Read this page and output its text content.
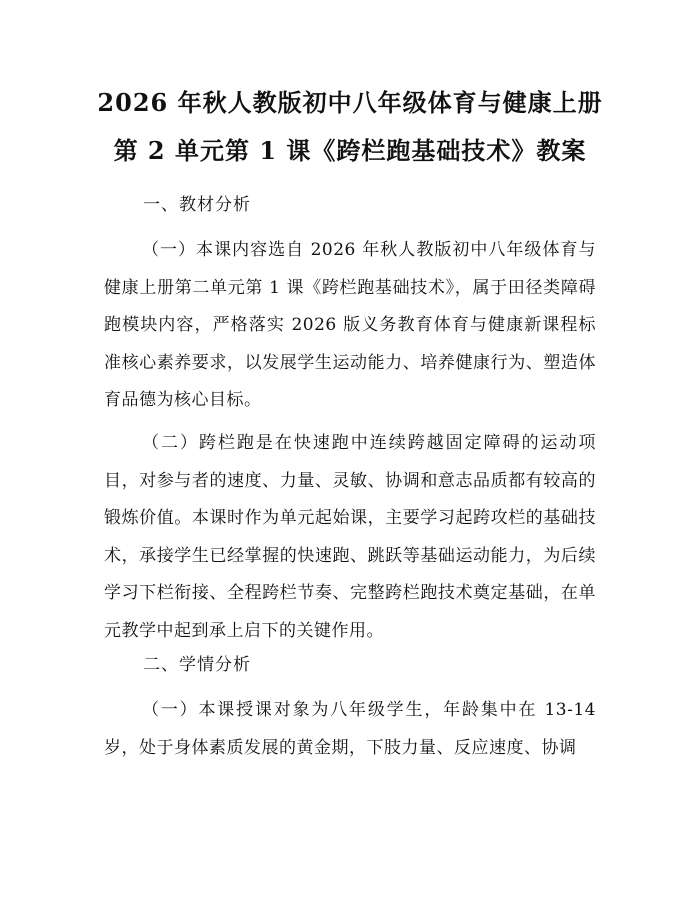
2026 年秋人教版初中八年级体育与健康上册
第 2 单元第 1 课《跨栏跑基础技术》教案
一、教材分析

（一）本课内容选自 2026 年秋人教版初中八年级体育与健康上册第二单元第 1 课《跨栏跑基础技术》，属于田径类障碍跑模块内容，严格落实 2026 版义务教育体育与健康新课程标准核心素养要求，以发展学生运动能力、培养健康行为、塑造体育品德为核心目标。

（二）跨栏跑是在快速跑中连续跨越固定障碍的运动项目，对参与者的速度、力量、灵敏、协调和意志品质都有较高的锻炼价值。本课时作为单元起始课，主要学习起跨攻栏的基础技术，承接学生已经掌握的快速跑、跳跃等基础运动能力，为后续学习下栏衔接、全程跨栏节奏、完整跨栏跑技术奠定基础，在单元教学中起到承上启下的关键作用。

二、学情分析

（一）本课授课对象为八年级学生，年龄集中在 13-14 岁，处于身体素质发展的黄金期，下肢力量、反应速度、协调
